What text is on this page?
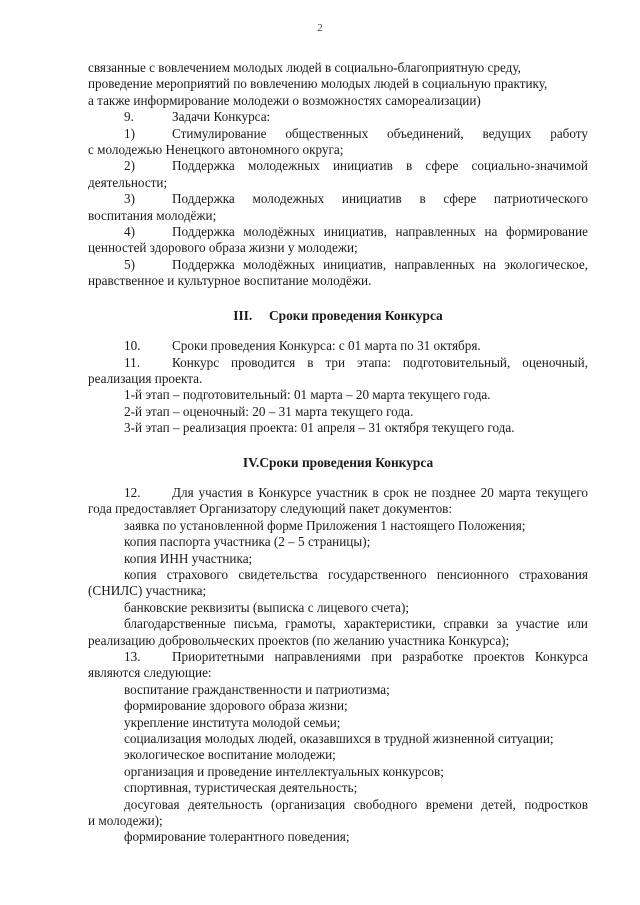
2

связанные с вовлечением молодых людей в социально-благоприятную среду,

проведение мероприятий по вовлечению молодых людей в социальную практику,

а также информирование молодежи о возможностях самореализации)

9.	Задачи Конкурса:
1)	Стимулирование общественных объединений, ведущих работу

с молодежью Ненецкого автономного округа;

2)	Поддержка молодежных инициатив в сфере социально-значимой

деятельности;

3)	Поддержка молодежных инициатив в сфере патриотического

воспитания молодёжи;

4)	Поддержка молодёжных инициатив, направленных на формирование

ценностей здорового образа жизни у молодежи;

5)	Поддержка молодёжных инициатив, направленных на экологическое,

нравственное и культурное воспитание молодёжи.

III.     Сроки проведения Конкурса

10.	Сроки проведения Конкурса: с 01 марта по 31 октября.
11.	Конкурс проводится в три этапа: подготовительный, оценочный,

реализация проекта.

1-й этап – подготовительный: 01 марта – 20 марта текущего года.

2-й этап – оценочный: 20 – 31 марта текущего года.

3-й этап – реализация проекта: 01 апреля – 31 октября текущего года.

IV.Сроки проведения Конкурса

12.	Для участия в Конкурсе участник в срок не позднее 20 марта текущего

года предоставляет Организатору следующий пакет документов:

заявка по установленной форме Приложения 1 настоящего Положения;

копия паспорта участника (2 – 5 страницы);

копия ИНН участника;

копия страхового свидетельства государственного пенсионного страхования

(СНИЛС) участника;

банковские реквизиты (выписка с лицевого счета);

благодарственные письма, грамоты, характеристики, справки за участие или

реализацию добровольческих проектов (по желанию участника Конкурса);

13.	Приоритетными направлениями при разработке проектов Конкурса

являются следующие:

воспитание гражданственности и патриотизма;

формирование здорового образа жизни;

укрепление института молодой семьи;

социализация молодых людей, оказавшихся в трудной жизненной ситуации;

экологическое воспитание молодежи;

организация и проведение интеллектуальных конкурсов;

спортивная, туристическая деятельность;

досуговая деятельность (организация свободного времени детей, подростков

и молодежи);

формирование толерантного поведения;
